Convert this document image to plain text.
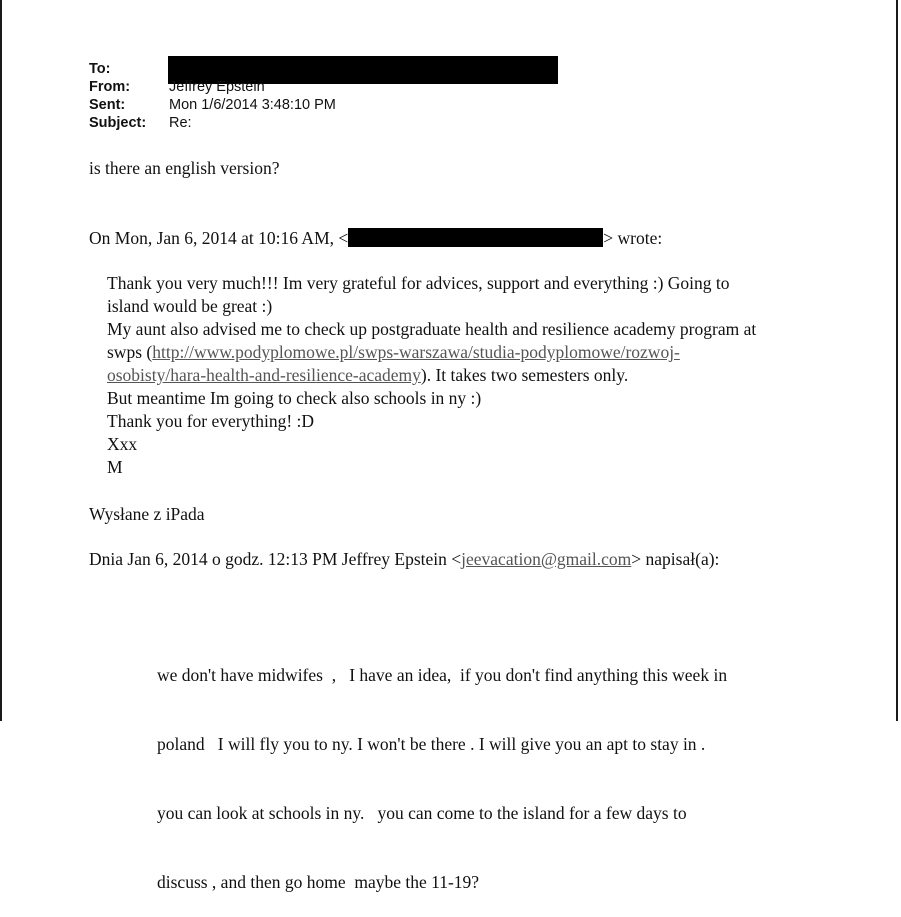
To:
From:	Jeffrey Epstein
Sent:	Mon 1/6/2014 3:48:10 PM
Subject:	Re:
is there an english version?
On Mon, Jan 6, 2014 at 10:16 AM, <	> wrote:
Thank you very much!!! Im very grateful for advices, support and everything :) Going to
island would be great :)
My aunt also advised me to check up postgraduate health and resilience academy program at
swps (http://www.podyplomowe.pl/swps-warszawa/studia-podyplomowe/rozwoj-
osobisty/hara-health-and-resilience-academy). It takes two semesters only.
But meantime Im going to check also schools in ny :)
Thank you for everything! :D
Xxx
M
Wysłane z iPada
Dnia Jan 6, 2014 o godz. 12:13 PM Jeffrey Epstein <jeevacation@gmail.com> napisał(a):

we don't have midwifes  ,   I have an idea,  if you don't find anything this week in

poland   I will fly you to ny. I won't be there . I will give you an apt to stay in .

you can look at schools in ny.   you can come to the island for a few days to

discuss , and then go home  maybe the 11-19?
